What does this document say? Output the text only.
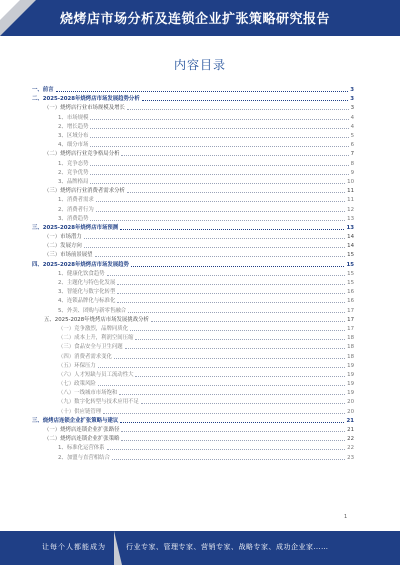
烧烤店市场分析及连锁企业扩张策略研究报告
内容目录
一、前言	3
二、2025-2028年烧烤店市场发展趋势分析	3
（一）烧烤店行业市场规模及增长	3
1、市场规模	4
2、增长趋势	4
3、区域分布	5
4、细分市场	6
（二）烧烤店行业竞争格局分析	7
1、竞争态势	8
2、竞争优势	9
3、品牌格局	10
（三）烧烤店行业消费者需求分析	11
1、消费者需求	11
2、消费者行为	12
3、消费趋势	13
三、2025-2028年烧烤店市场预测	13
（一）市场潜力	14
（二）发展方向	14
（三）市场前景展望	15
四、2025-2028年烧烤店市场发展趋势	15
1、健康化饮食趋势	15
2、主题化与特色化发展	15
3、智能化与数字化转型	16
4、连锁品牌化与标准化	16
5、外卖、团购与新零售融合	17
五、2025-2028年烧烤店市场发展挑战分析	17
（一）竞争激烈，品牌同质化	17
（二）成本上升，利润空间压缩	18
（三）食品安全与卫生问题	18
（四）消费者需求变化	18
（五）环保压力	19
（六）人才短缺与员工流动性大	19
（七）政策风险	19
（八）一线城市市场饱和	19
（九）数字化转型与技术应用不足	20
（十）供应链管理	20
三、烧烤店连锁企业扩张策略与建议	21
（一）烧烤店连锁企业扩张路径	21
（二）烧烤店连锁企业扩张策略	22
1、标准化运营体系	22
2、加盟与直营相结合	23
1
让每个人都能成为	行业专家、管理专家、营销专家、战略专家、成功企业家……
